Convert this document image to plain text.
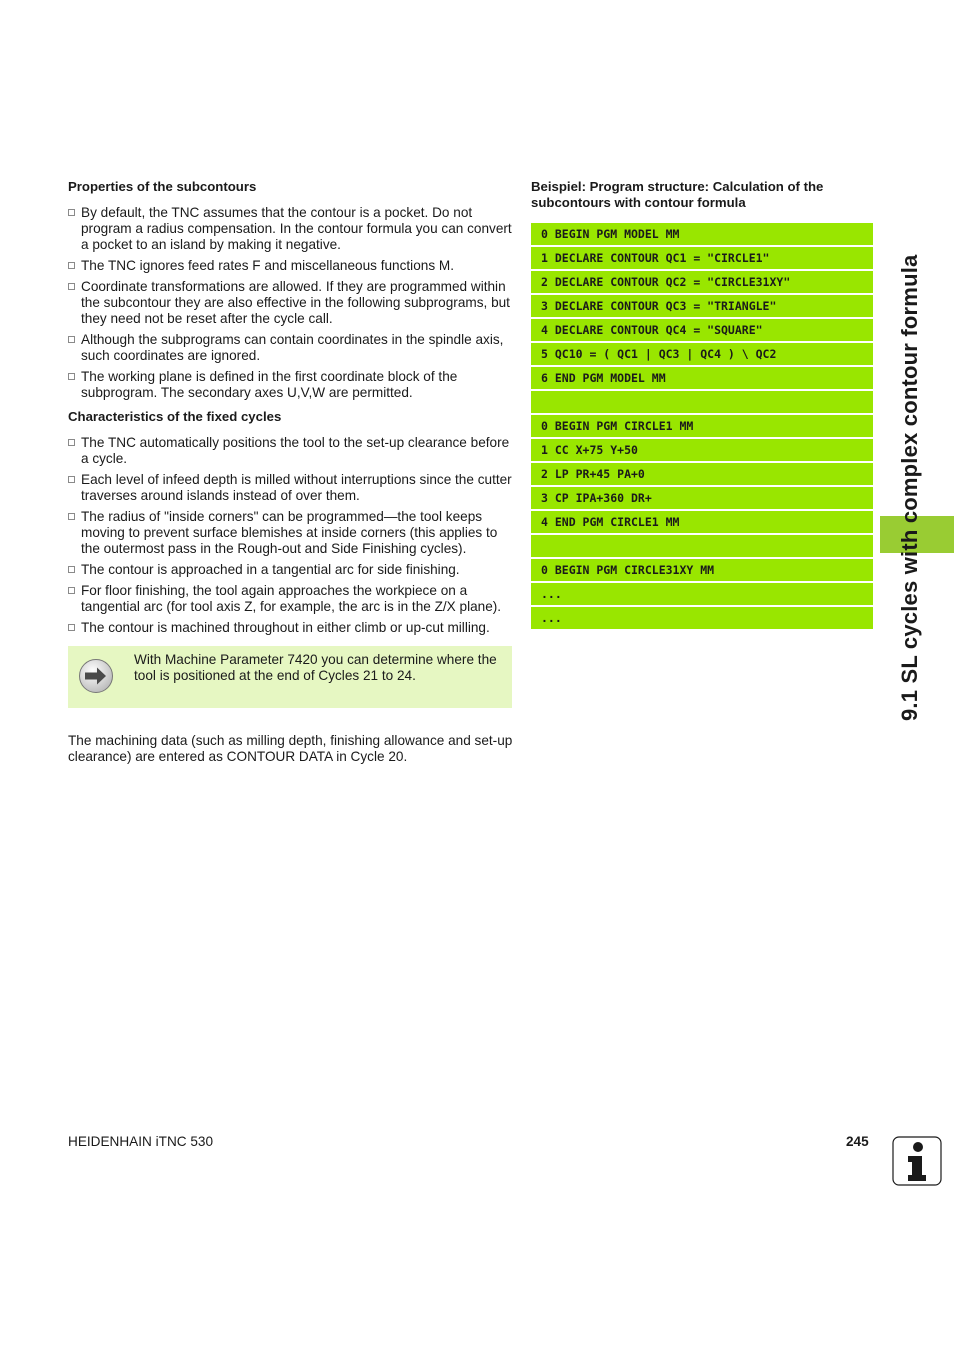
9.1 SL cycles with complex contour formula
Properties of the subcontours
By default, the TNC assumes that the contour is a pocket. Do not program a radius compensation. In the contour formula you can convert a pocket to an island by making it negative.
The TNC ignores feed rates F and miscellaneous functions M.
Coordinate transformations are allowed. If they are programmed within the subcontour they are also effective in the following subprograms, but they need not be reset after the cycle call.
Although the subprograms can contain coordinates in the spindle axis, such coordinates are ignored.
The working plane is defined in the first coordinate block of the subprogram. The secondary axes U,V,W are permitted.
Characteristics of the fixed cycles
The TNC automatically positions the tool to the set-up clearance before a cycle.
Each level of infeed depth is milled without interruptions since the cutter traverses around islands instead of over them.
The radius of "inside corners" can be programmed—the tool keeps moving to prevent surface blemishes at inside corners (this applies to the outermost pass in the Rough-out and Side Finishing cycles).
The contour is approached in a tangential arc for side finishing.
For floor finishing, the tool again approaches the workpiece on a tangential arc (for tool axis Z, for example, the arc is in the Z/X plane).
The contour is machined throughout in either climb or up-cut milling.
With Machine Parameter 7420 you can determine where the tool is positioned at the end of Cycles 21 to 24.
The machining data (such as milling depth, finishing allowance and set-up clearance) are entered as CONTOUR DATA in Cycle 20.
Beispiel: Program structure: Calculation of the subcontours with contour formula
0 BEGIN PGM MODEL MM
1 DECLARE CONTOUR QC1 = "CIRCLE1"
2 DECLARE CONTOUR QC2 = "CIRCLE31XY"
3 DECLARE CONTOUR QC3 = "TRIANGLE"
4 DECLARE CONTOUR QC4 = "SQUARE"
5 QC10 = ( QC1 | QC3 | QC4 ) \ QC2
6 END PGM MODEL MM
0 BEGIN PGM CIRCLE1 MM
1 CC X+75 Y+50
2 LP PR+45 PA+0
3 CP IPA+360 DR+
4 END PGM CIRCLE1 MM
0 BEGIN PGM CIRCLE31XY MM
...
...
HEIDENHAIN iTNC 530	245
